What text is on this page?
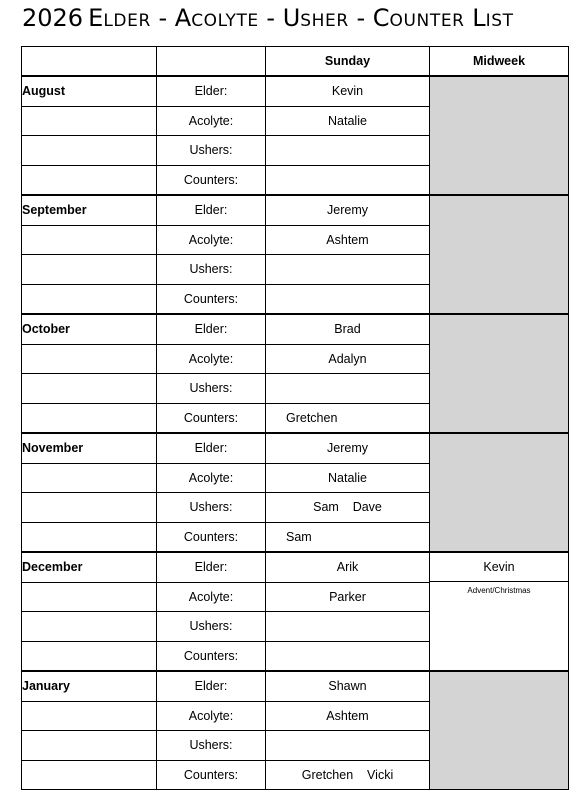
2026 ELDER - ACOLYTE - USHER - COUNTER LIST
		Sunday	Midweek
August	Elder:	Kevin	
	Acolyte:	Natalie	
	Ushers:		
	Counters:		
September	Elder:	Jeremy	
	Acolyte:	Ashtem	
	Ushers:		
	Counters:		
October	Elder:	Brad	
	Acolyte:	Adalyn	
	Ushers:		
	Counters:	Gretchen	
November	Elder:	Jeremy	
	Acolyte:	Natalie	
	Ushers:	Sam    Dave	
	Counters:	Sam	
December	Elder:	Arik	Kevin
Advent/Christmas

	Acolyte:	Parker	
	Ushers:		
	Counters:		
January	Elder:	Shawn	
	Acolyte:	Ashtem	
	Ushers:		
	Counters:	Gretchen    Vicki	
